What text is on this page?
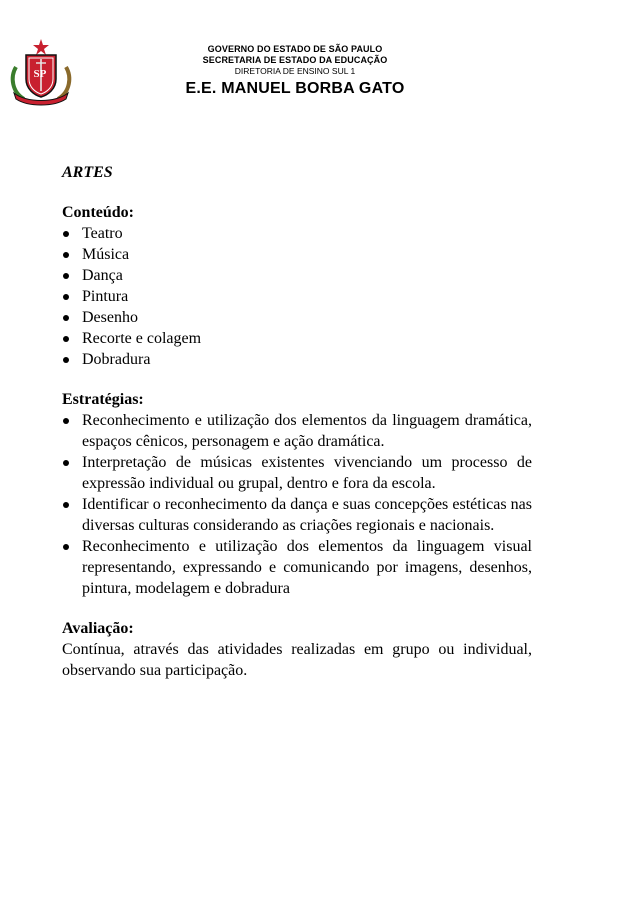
SP
GOVERNO DO ESTADO DE SÃO PAULO
SECRETARIA DE ESTADO DA EDUCAÇÃO
DIRETORIA DE ENSINO SUL 1
E.E. MANUEL BORBA GATO

ARTES

Conteúdo:

Teatro
Música
Dança
Pintura
Desenho
Recorte e colagem
Dobradura

Estratégias:

Reconhecimento e utilização dos elementos da linguagem dramática, espaços cênicos, personagem e ação dramática.
Interpretação de músicas existentes vivenciando um processo de expressão individual ou grupal, dentro e fora da escola.
Identificar o reconhecimento da dança e suas concepções estéticas nas diversas culturas considerando as criações regionais e nacionais.
Reconhecimento e utilização dos elementos da linguagem visual representando, expressando e comunicando por imagens, desenhos, pintura, modelagem e dobradura

Avaliação:

Contínua, através das atividades realizadas em grupo ou individual, observando sua participação.
